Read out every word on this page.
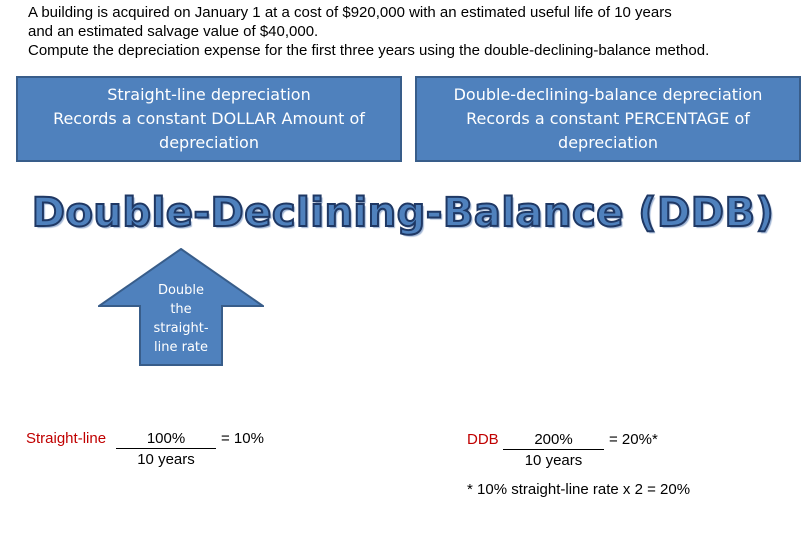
A building is acquired on January 1 at a cost of $920,000 with an estimated useful life of 10 years
and an estimated salvage value of $40,000.
Compute the depreciation expense for the first three years using the double-declining-balance method.
Straight-line depreciation
Records a constant DOLLAR Amount of
depreciation
Double-declining-balance depreciation
Records a constant PERCENTAGE of
depreciation
Double-Declining-Balance (DDB)
Double
the
straight-
line rate
Straight-line	100%
10 years
= 10%	DDB	200%
10 years
= 20%*
* 10% straight-line rate x 2 = 20%
